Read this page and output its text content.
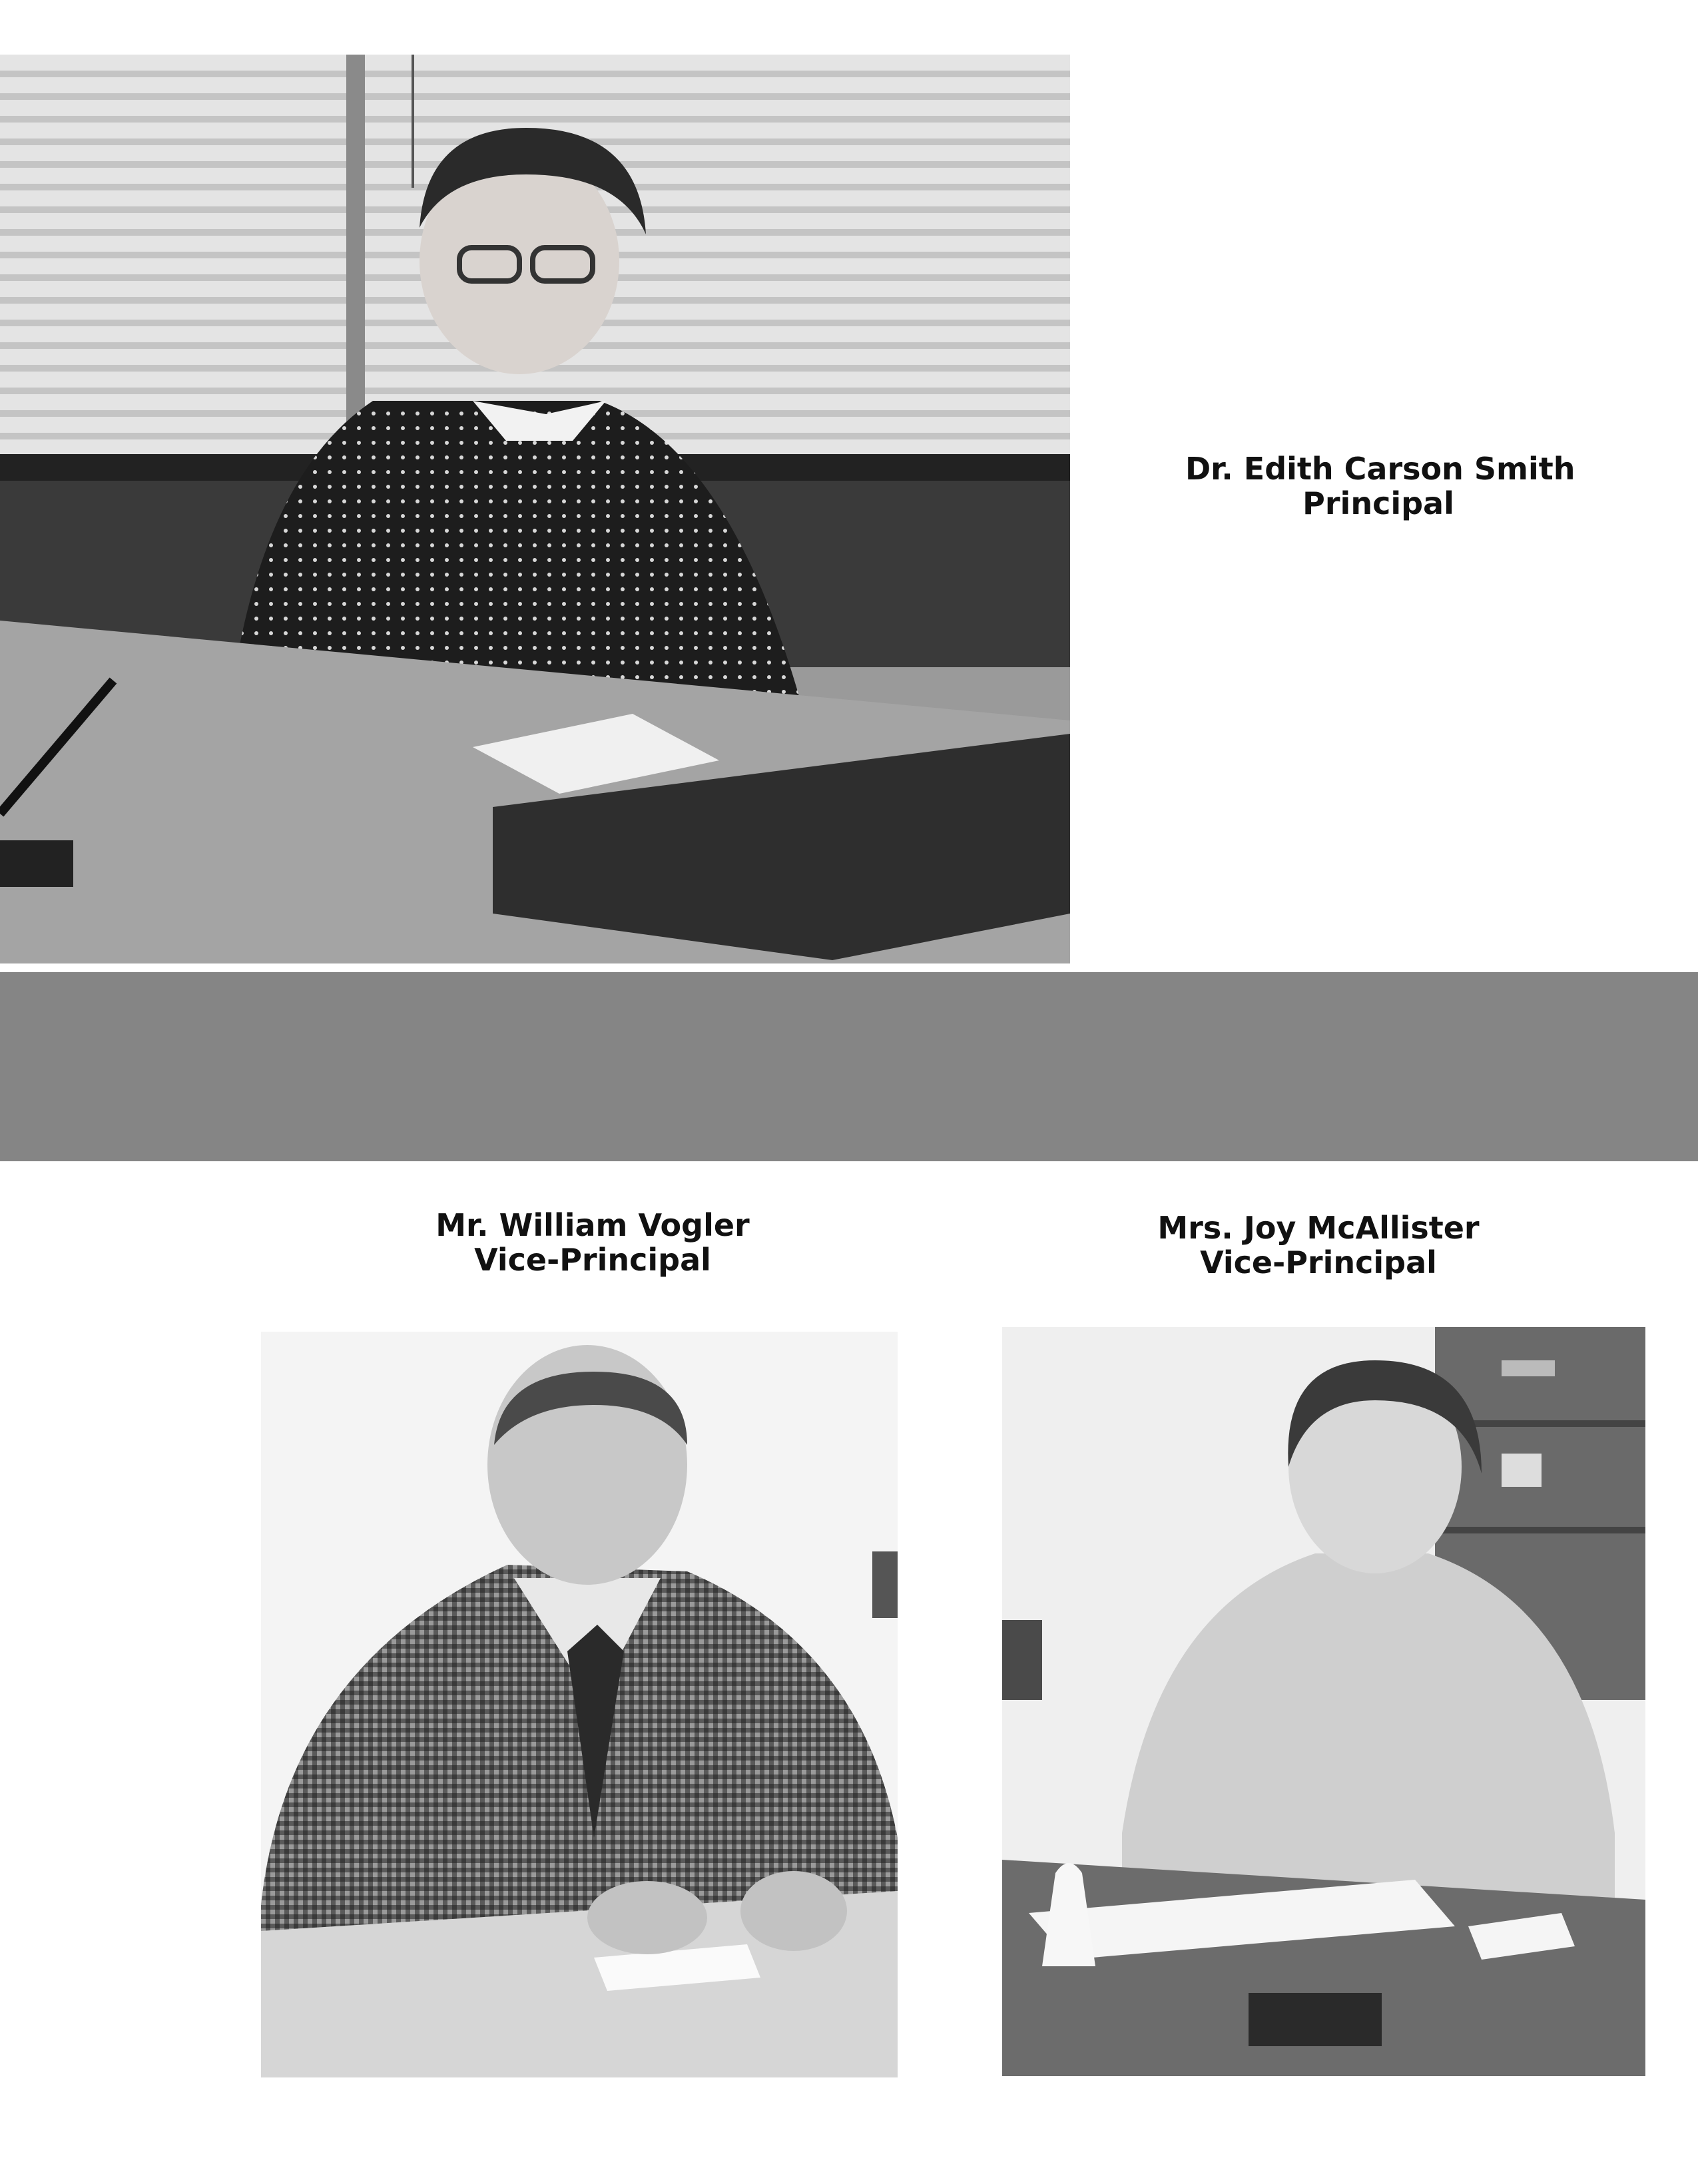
Dr. Edith Carson Smith
Principal
Mr. William Vogler
Vice-Principal
Mrs. Joy McAllister
Vice-Principal
